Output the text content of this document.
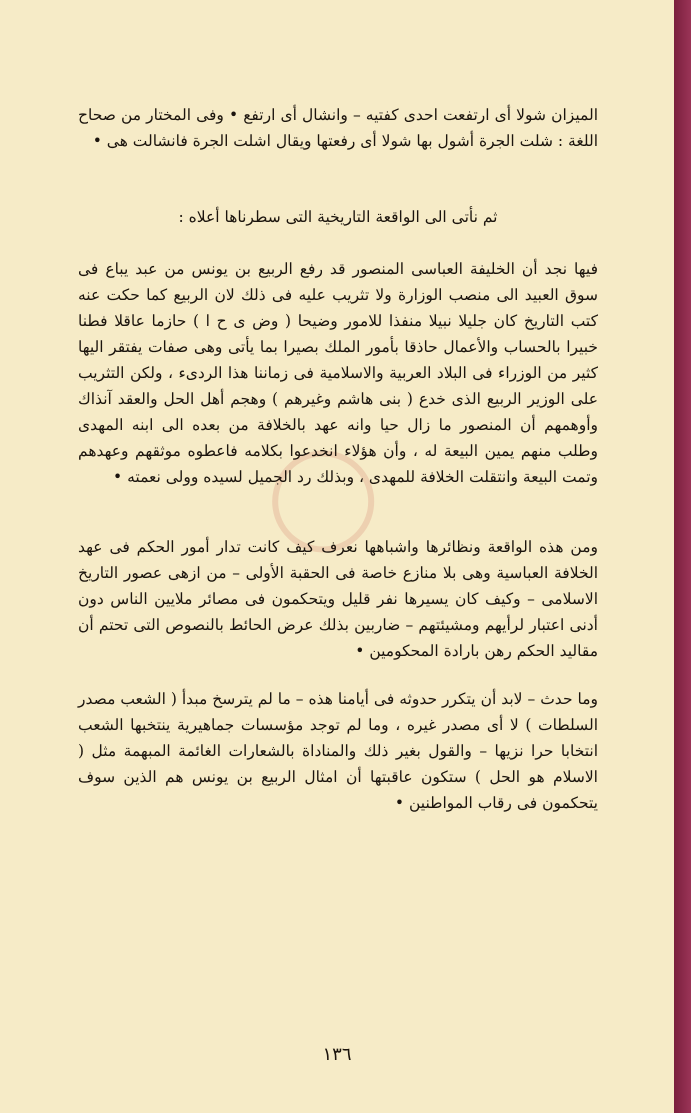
الميزان شولا أى ارتفعت احدى كفتيه – وانشال أى ارتفع • وفى المختار من صحاح اللغة : شلت الجرة أشول بها شولا أى رفعتها ويقال اشلت الجرة فانشالت هى •

ثم نأتى الى الواقعة التاريخية التى سطرناها أعلاه :

فيها نجد أن الخليفة العباسى المنصور قد رفع الربيع بن يونس من عبد يباع فى سوق العبيد الى منصب الوزارة ولا تثريب عليه فى ذلك لان الربيع كما حكت عنه كتب التاريخ كان جليلا نبيلا منفذا للامور وضيحا ( وض ى ح ا ) حازما عاقلا فطنا خبيرا بالحساب والأعمال حاذقا بأمور الملك بصيرا بما يأتى وهى صفات يفتقر اليها كثير من الوزراء فى البلاد العربية والاسلامية فى زماننا هذا الردىء ، ولكن التثريب على الوزير الربيع الذى خدع ( بنى هاشم وغيرهم ) وهجم أهل الحل والعقد آنذاك وأوهمهم أن المنصور ما زال حيا وانه عهد بالخلافة من بعده الى ابنه المهدى وطلب منهم يمين البيعة له ، وأن هؤلاء انخدعوا بكلامه فاعطوه موثقهم وعهدهم وتمت البيعة وانتقلت الخلافة للمهدى ، وبذلك رد الجميل لسيده وولى نعمته •

ومن هذه الواقعة ونظائرها واشباهها نعرف كيف كانت تدار أمور الحكم فى عهد الخلافة العباسية وهى بلا منازع خاصة فى الحقبة الأولى – من ازهى عصور التاريخ الاسلامى – وكيف كان يسيرها نفر قليل ويتحكمون فى مصائر ملايين الناس دون أدنى اعتبار لرأيهم ومشيئتهم – ضاربين بذلك عرض الحائط بالنصوص التى تحتم أن مقاليد الحكم رهن بارادة المحكومين •

وما حدث – لابد أن يتكرر حدوثه فى أيامنا هذه – ما لم يترسخ مبدأ ( الشعب مصدر السلطات ) لا أى مصدر غيره ، وما لم توجد مؤسسات جماهيرية ينتخبها الشعب انتخابا حرا نزيها – والقول بغير ذلك والمناداة بالشعارات الغائمة المبهمة مثل ( الاسلام هو الحل ) ستكون عاقبتها أن امثال الربيع بن يونس هم الذين سوف يتحكمون فى رقاب المواطنين •

١٣٦
